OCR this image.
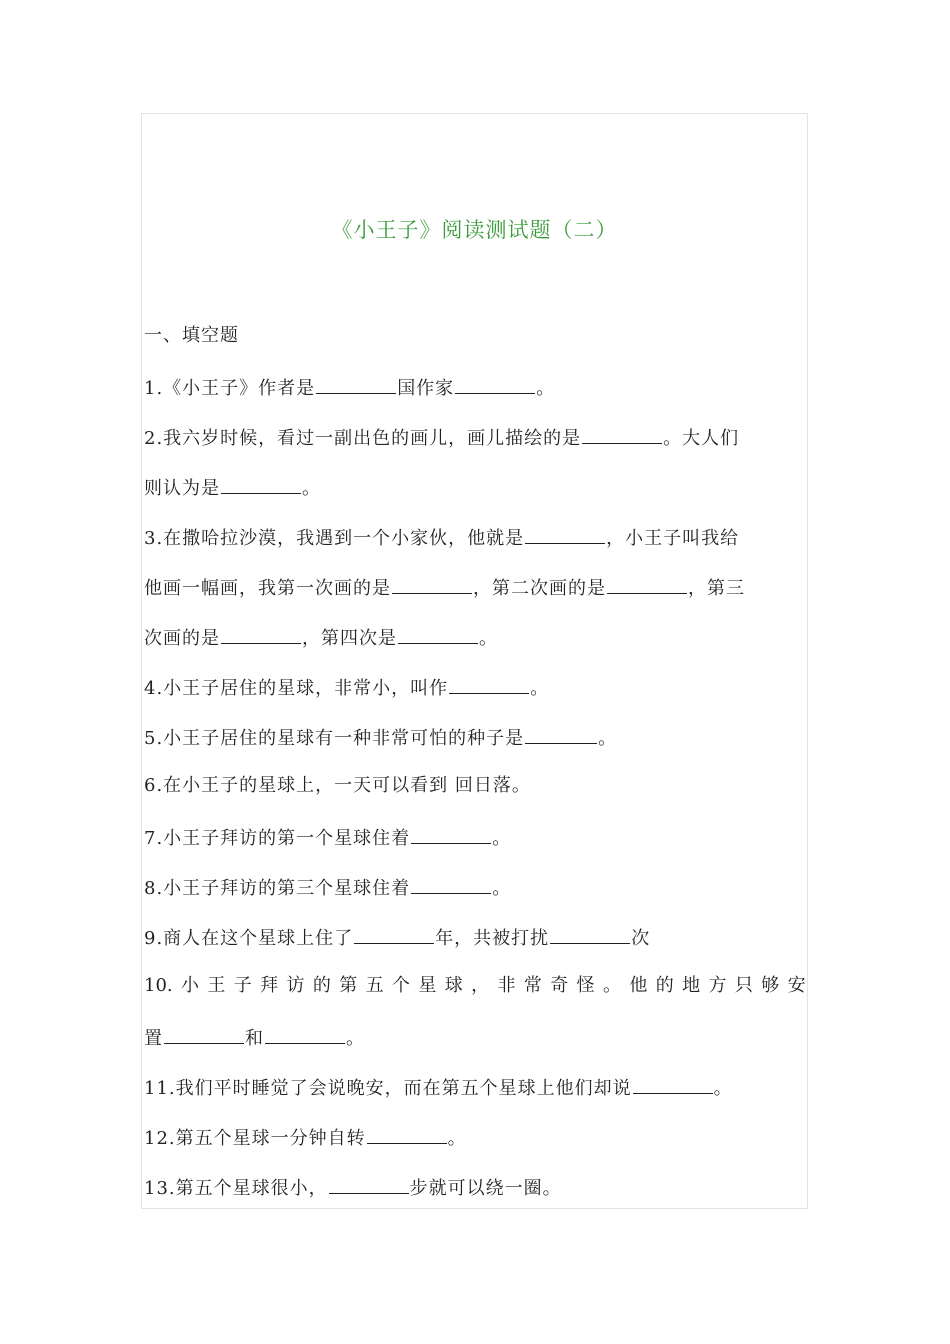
《小王子》阅读测试题（二）
一、填空题
1.《小王子》作者是	国作家	。
2.我六岁时候，看过一副出色的画儿，画儿描绘的是	。大人们
则认为是	。
3.在撒哈拉沙漠，我遇到一个小家伙，他就是	，小王子叫我给
他画一幅画，我第一次画的是	，第二次画的是	，第三
次画的是	，第四次是	。
4.小王子居住的星球，非常小，叫作	。
5.小王子居住的星球有一种非常可怕的种子是	。
6.在小王子的星球上，一天可以看到 回日落。
7.小王子拜访的第一个星球住着	。
8.小王子拜访的第三个星球住着	。
9.商人在这个星球上住了	年，共被打扰	次
10. 小 王 子 拜 访 的 第 五 个 星 球 ， 非 常 奇 怪 。 他 的 地 方 只 够 安
置	和	。
11.我们平时睡觉了会说晚安，而在第五个星球上他们却说	。
12.第五个星球一分钟自转	。
13.第五个星球很小，	步就可以绕一圈。
